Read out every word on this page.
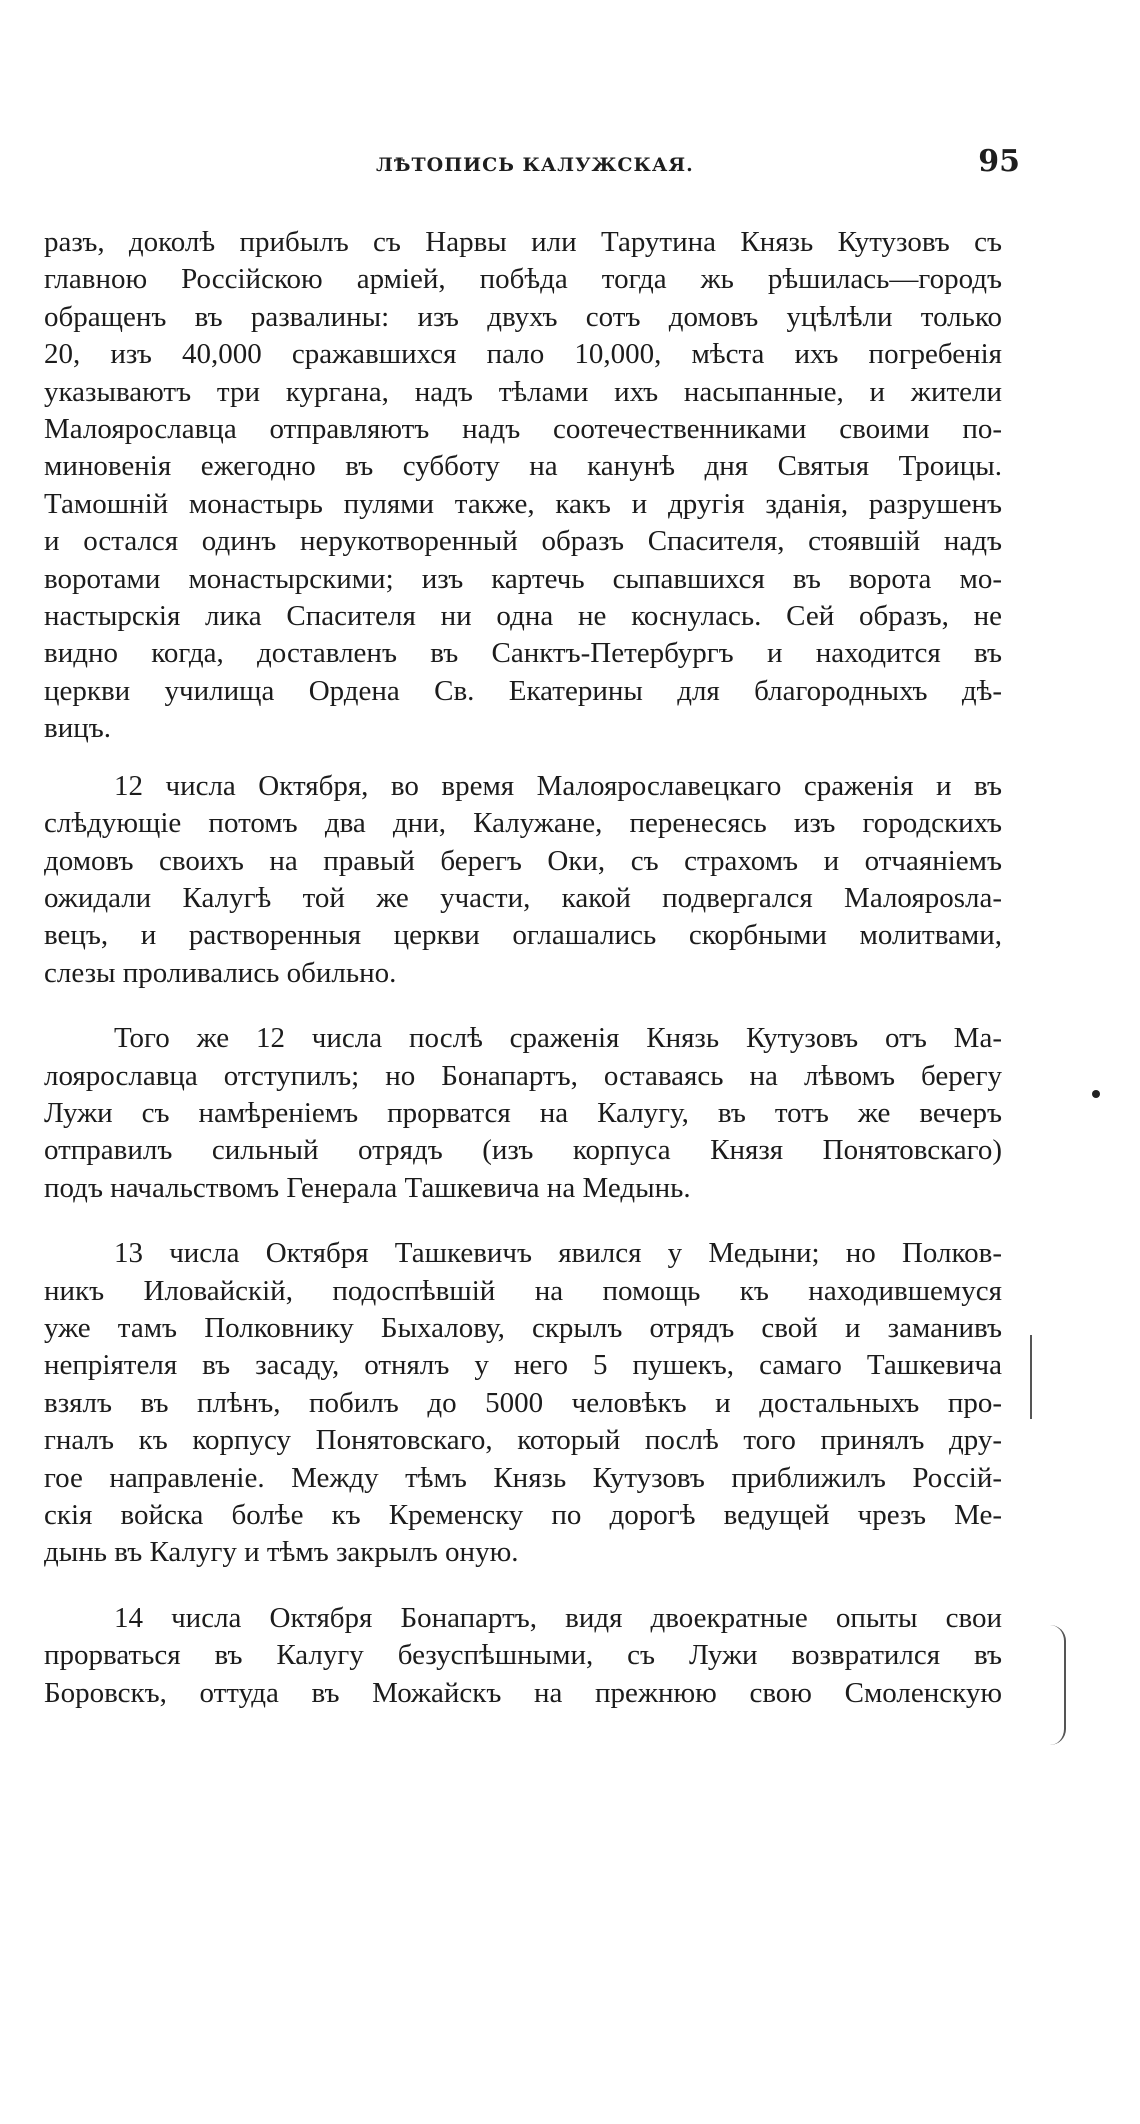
ЛѢТОПИСЬ КАЛУЖСКАЯ.	95
разъ, доколѣ прибылъ съ Нарвы или Тарутина Князь Кутузовъ съ
главною Россійскою арміей, побѣда тогда жь рѣшилась—городъ
обращенъ въ развалины: изъ двухъ сотъ домовъ уцѣлѣли только
20, изъ 40,000 сражавшихся пало 10,000, мѣста ихъ погребенія
указываютъ три кургана, надъ тѣлами ихъ насыпанные, и жители
Малоярославца отправляютъ надъ соотечественниками своими по-
миновенія ежегодно въ субботу на канунѣ дня Святыя Троицы.
Тамошній монастырь пулями также, какъ и другія зданія, разрушенъ
и остался одинъ нерукотворенный образъ Спасителя, стоявшій надъ
воротами монастырскими; изъ картечь сыпавшихся въ ворота мо-
настырскія лика Спасителя ни одна не коснулась. Сей образъ, не
видно когда, доставленъ въ Санктъ-Петербургъ и находится въ
церкви училища Ордена Св. Екатерины для благородныхъ дѣ-
вицъ.
12 числа Октября, во время Малоярославецкаго сраженія и въ
слѣдующіе потомъ два дни, Калужане, перенесясь изъ городскихъ
домовъ своихъ на правый берегъ Оки, съ страхомъ и отчаяніемъ
ожидали Калугѣ той же участи, какой подвергался Малоярosла-
вецъ, и растворенныя церкви оглашались скорбными молитвами,
слезы проливались обильно.
Того же 12 числа послѣ сраженія Князь Кутузовъ отъ Ма-
лоярославца отступилъ; но Бонапартъ, оставаясь на лѣвомъ берегу
Лужи съ намѣреніемъ прорватся на Калугу, въ тотъ же вечеръ
отправилъ сильный отрядъ (изъ корпуса Князя Понятовскаго)
подъ начальствомъ Генерала Ташкевича на Медынь.
13 числа Октября Ташкевичъ явился у Медыни; но Полков-
никъ Иловайскій, подоспѣвшій на помощь къ находившемуся
уже тамъ Полковнику Быхалову, скрылъ отрядъ свой и заманивъ
непріятеля въ засаду, отнялъ у него 5 пушекъ, самаго Ташкевича
взялъ въ плѣнъ, побилъ до 5000 человѣкъ и достальныхъ про-
гналъ къ корпусу Понятовскаго, который послѣ того принялъ дру-
гое направленіе. Между тѣмъ Князь Кутузовъ приближилъ Россій-
скія войска болѣе къ Кременску по дорогѣ ведущей чрезъ Ме-
дынь въ Калугу и тѣмъ закрылъ оную.
14 числа Октября Бонапартъ, видя двоекратные опыты свои
прорваться въ Калугу безуспѣшными, съ Лужи возвратился въ
Боровскъ, оттуда въ Можайскъ на прежнюю свою Смоленскую
